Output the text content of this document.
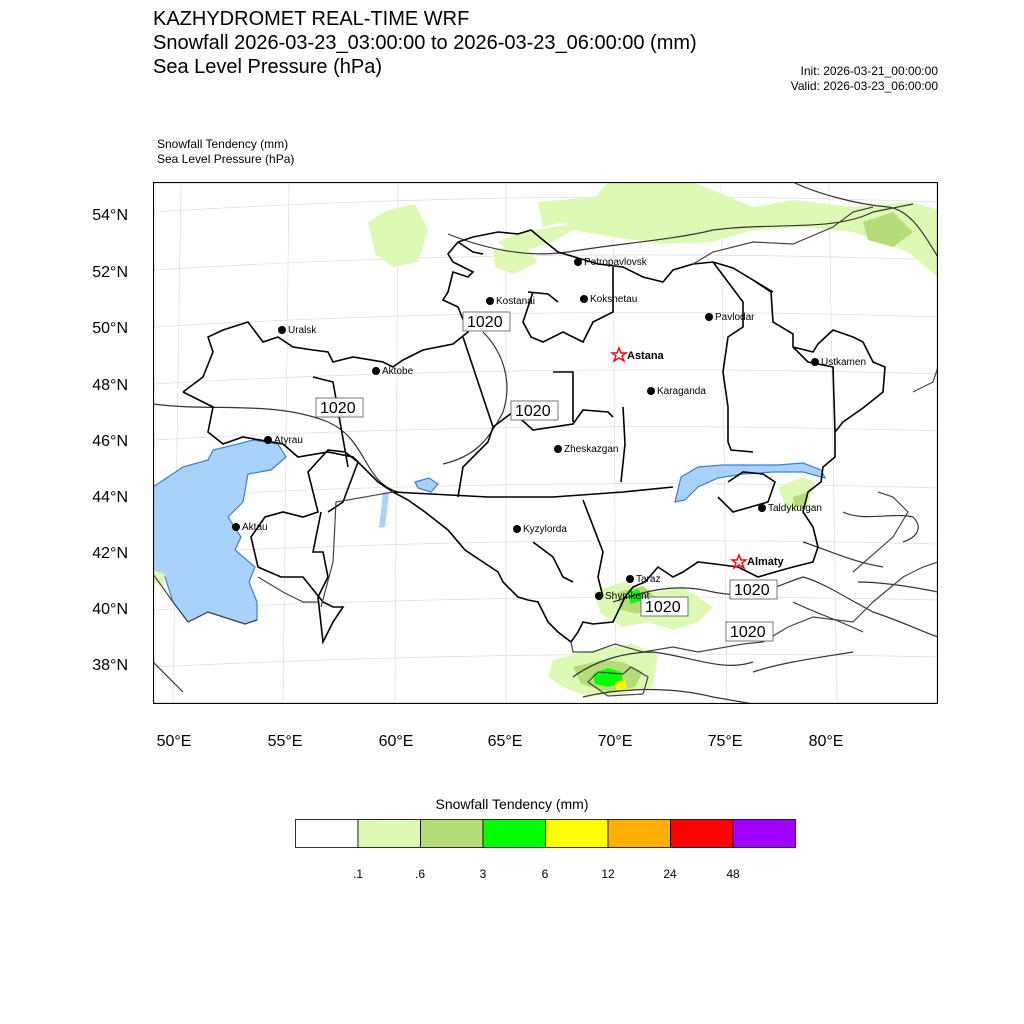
KAZHYDROMET REAL-TIME WRF
Snowfall 2026-03-23_03:00:00 to 2026-03-23_06:00:00 (mm)
Sea Level Pressure (hPa)	Init: 2026-03-21_00:00:00
Valid: 2026-03-23_06:00:00
Snowfall Tendency (mm)
Sea Level Pressure (hPa)
54°N
52°N
50°N
48°N
46°N
44°N
42°N
40°N
38°N
50°E	55°E	60°E	65°E	70°E	75°E	80°E
1020
1020	1020
1020
1020
1020
Petropavlovsk
Kostanai	Kokshetau
Pavlodar
Uralsk
Astana
Ustkamen
Aktobe
Karaganda
Atyrau
Zheskazgan
Aktau	Kyzylorda
Taldykurgan
Almaty
Taraz
Shymkent
Snowfall Tendency (mm)
.1	.6	3	6	12	24	48
